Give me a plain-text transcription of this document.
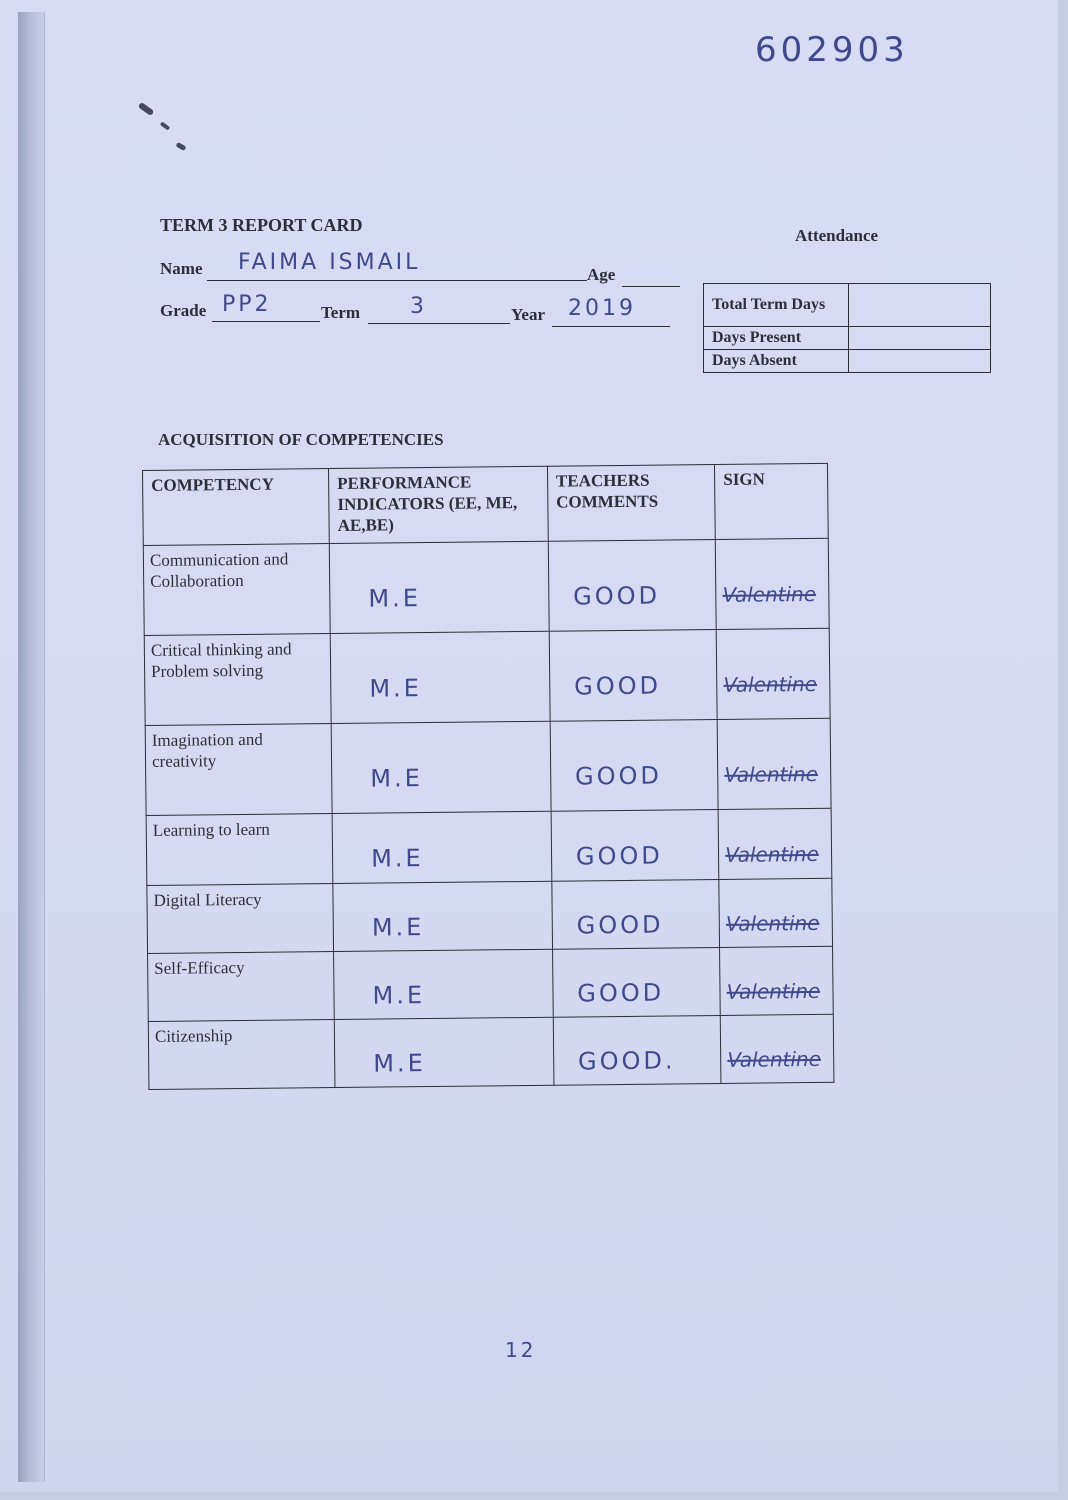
602903
TERM 3 REPORT CARD
Attendance
Name FAIMA ISMAIL	Age
Grade PP2	Term 3	Year 2019	Total Term Days	
Days Present	
Days Absent	
ACQUISITION OF COMPETENCIES
COMPETENCY	PERFORMANCE INDICATORS (EE, ME, AE,BE)	TEACHERS COMMENTS	SIGN
Communication and Collaboration	M.E	GOOD	Valentine
Critical thinking and Problem solving	M.E	GOOD	Valentine
Imagination and creativity	M.E	GOOD	Valentine
Learning to learn	M.E	GOOD	Valentine
Digital Literacy	M.E	GOOD	Valentine
Self-Efficacy	M.E	GOOD	Valentine
Citizenship	M.E	GOOD.	Valentine
12
